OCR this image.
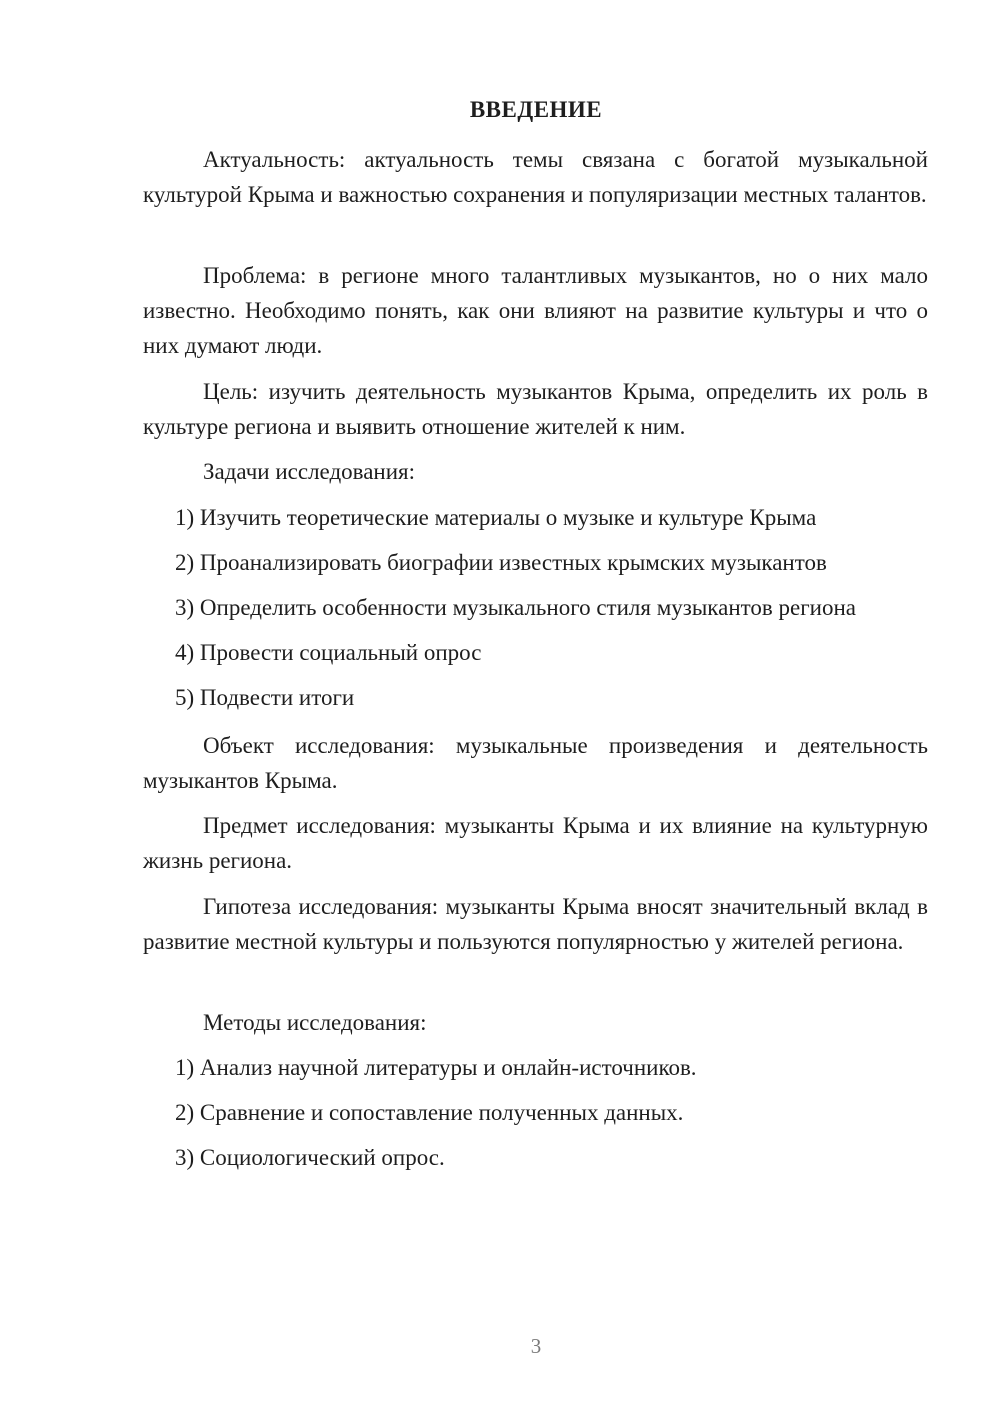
ВВЕДЕНИЕ

Актуальность: актуальность темы связана с богатой музыкальной культурой Крыма и важностью сохранения и популяризации местных талантов.

Проблема: в регионе много талантливых музыкантов, но о них мало известно. Необходимо понять, как они влияют на развитие культуры и что о них думают люди.

Цель: изучить деятельность музыкантов Крыма, определить их роль в культуре региона и выявить отношение жителей к ним.

Задачи исследования:

1) Изучить теоретические материалы о музыке и культуре Крыма

2) Проанализировать биографии известных крымских музыкантов

3) Определить особенности музыкального стиля музыкантов региона

4) Провести социальный опрос

5) Подвести итоги

Объект исследования: музыкальные произведения и деятельность музыкантов Крыма.

Предмет исследования: музыканты Крыма и их влияние на культурную жизнь региона.

Гипотеза исследования: музыканты Крыма вносят значительный вклад в развитие местной культуры и пользуются популярностью у жителей региона.

Методы исследования:

1) Анализ научной литературы и онлайн-источников.

2) Сравнение и сопоставление полученных данных.

3) Социологический опрос.

3
